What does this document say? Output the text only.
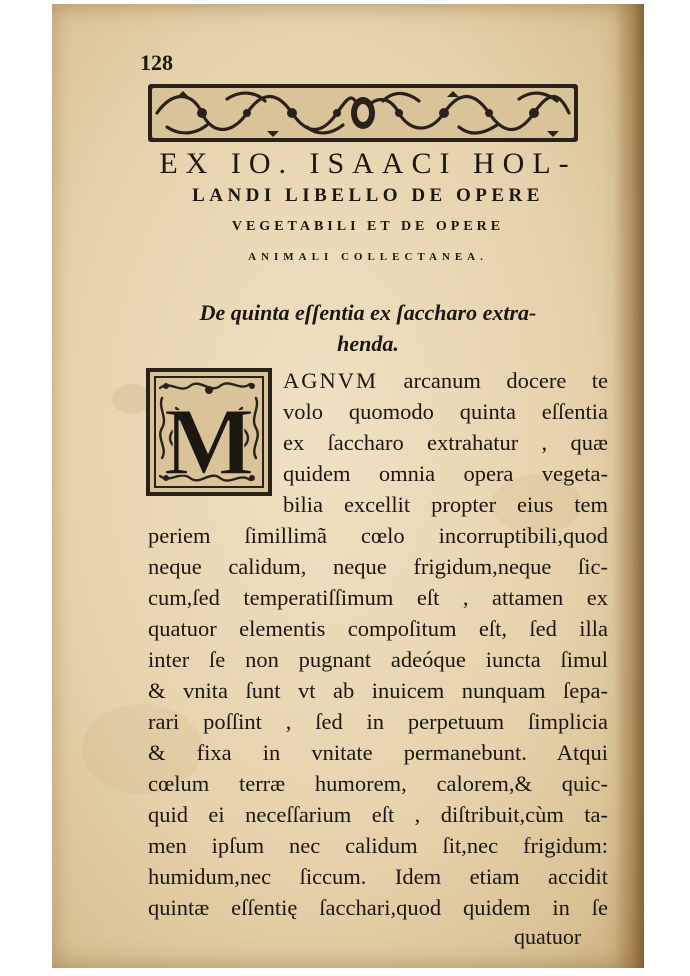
128
EX IO. ISAACI HOL-
LANDI LIBELLO DE OPERE
VEGETABILI ET DE OPERE
ANIMALI COLLECTANEA.
De quinta eſſentia ex ſaccharo extra-
henda.
M
AGNVM arcanum docere te
volo quomodo quinta eſſentia
ex ſaccharo extrahatur , quæ
quidem omnia opera vegeta-
bilia excellit propter eius tem
periem ſimillimã cœlo incorruptibili,quod
neque calidum, neque frigidum,neque ſic-
cum,ſed temperatiſſimum eſt , attamen ex
quatuor elementis compoſitum eſt, ſed illa
inter ſe non pugnant adeóque iuncta ſimul
& vnita ſunt vt ab inuicem nunquam ſepa-
rari poſſint , ſed in perpetuum ſimplicia
& fixa in vnitate permanebunt. Atqui
cœlum terræ humorem, calorem,& quic-
quid ei neceſſarium eſt , diſtribuit,cùm ta-
men ipſum nec calidum ſit,nec frigidum:
humidum,nec ſiccum. Idem etiam accidit
quintæ eſſentię ſacchari,quod quidem in ſe
quatuor
